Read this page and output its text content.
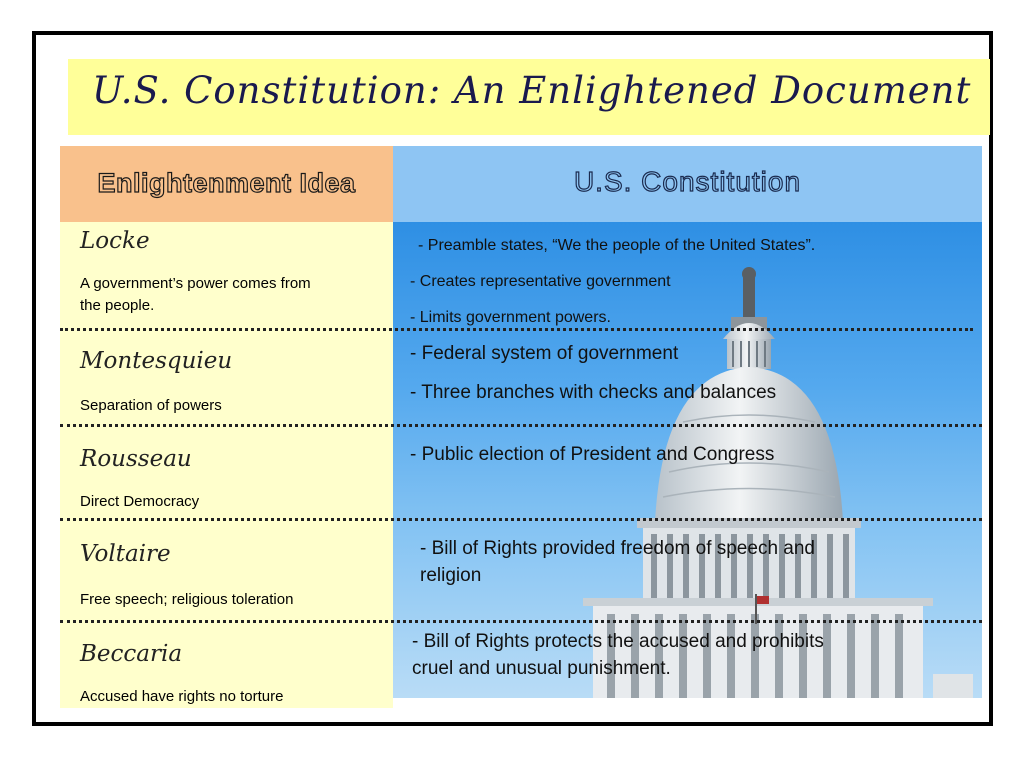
U.S. Constitution: An Enlightened Document
Enlightenment Idea	U.S. Constitution
Locke
A government’s power comes from
the people.
- Preamble states, “We the people of the United States”.
- Creates representative government
- Limits government powers.
Montesquieu
Separation of powers
- Federal system of government
- Three branches with checks and balances
Rousseau
Direct Democracy
- Public election of President and Congress
Voltaire
Free speech; religious toleration
- Bill of Rights provided freedom of speech and
religion
Beccaria
Accused have rights no torture
- Bill of Rights protects the accused and prohibits
cruel and unusual punishment.
